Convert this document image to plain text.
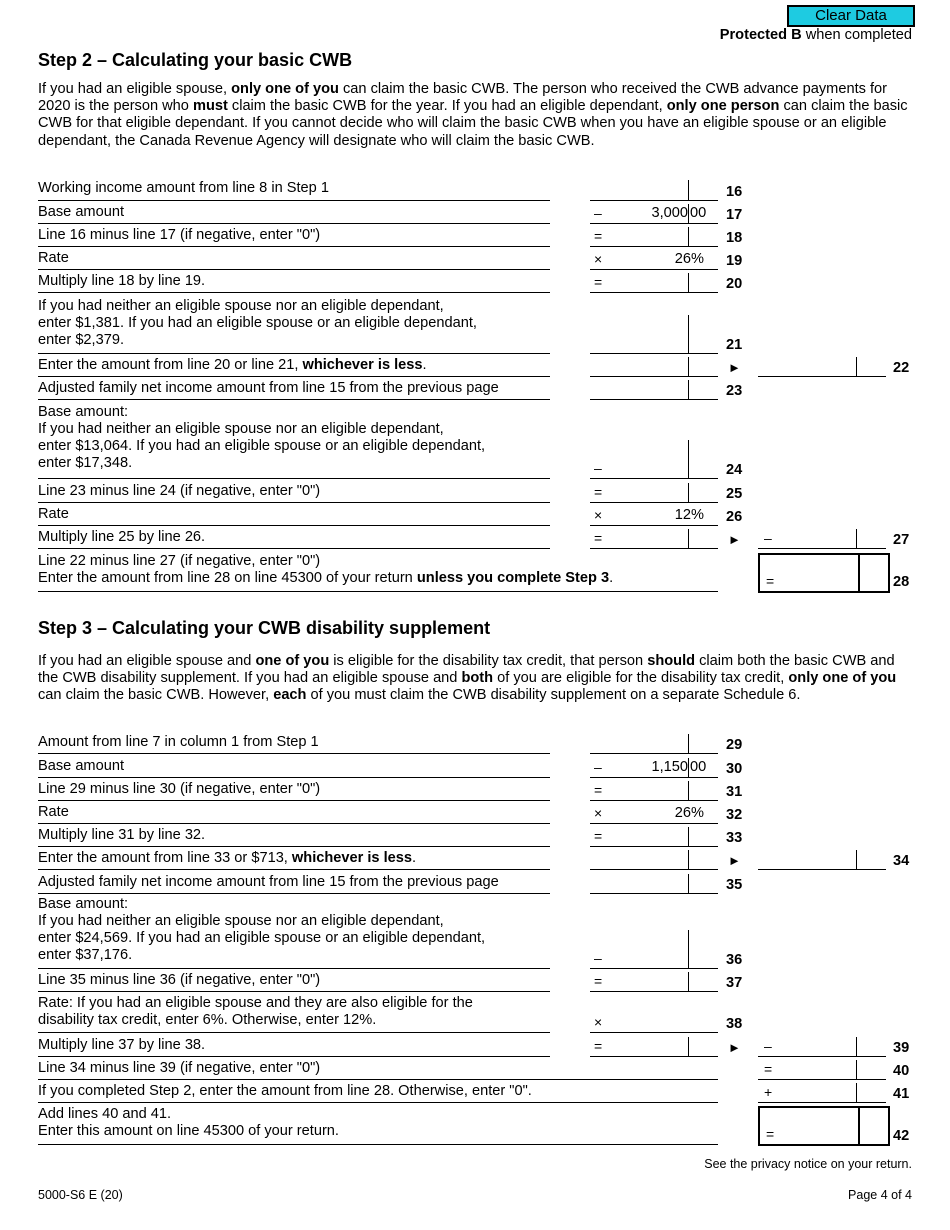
Clear Data
Protected B when completed
Step 2 – Calculating your basic CWB
If you had an eligible spouse, only one of you can claim the basic CWB. The person who received the CWB advance payments for 2020 is the person who must claim the basic CWB for the year. If you had an eligible dependant, only one person can claim the basic CWB for that eligible dependant. If you cannot decide who will claim the basic CWB when you have an eligible spouse or an eligible dependant, the Canada Revenue Agency will designate who will claim the basic CWB.
Working income amount from line 8 in Step 1	16
Base amount	–	3,000 00 17
Line 16 minus line 17 (if negative, enter "0")	=	18
Rate	×	26% 19
Multiply line 18 by line 19.	=	20
If you had neither an eligible spouse nor an eligible dependant,
enter $1,381. If you had an eligible spouse or an eligible dependant,
enter $2,379.	21
Enter the amount from line 20 or line 21, whichever is less.	►	22
Adjusted family net income amount from line 15 from the previous page	23
Base amount:
If you had neither an eligible spouse nor an eligible dependant,
enter $13,064. If you had an eligible spouse or an eligible dependant,
enter $17,348.	–	24
Line 23 minus line 24 (if negative, enter "0")	=	25
Rate	×	12% 26
Multiply line 25 by line 26.	=	► –	27
Line 22 minus line 27 (if negative, enter "0")
Enter the amount from line 28 on line 45300 of your return unless you complete Step 3.	=	28
Step 3 – Calculating your CWB disability supplement
If you had an eligible spouse and one of you is eligible for the disability tax credit, that person should claim both the basic CWB and the CWB disability supplement. If you had an eligible spouse and both of you are eligible for the disability tax credit, only one of you can claim the basic CWB. However, each of you must claim the CWB disability supplement on a separate Schedule 6.
Amount from line 7 in column 1 from Step 1	29
Base amount	–	1,150 00 30
Line 29 minus line 30 (if negative, enter "0")	=	31
Rate	×	26% 32
Multiply line 31 by line 32.	=	33
Enter the amount from line 33 or $713, whichever is less.	►	34
Adjusted family net income amount from line 15 from the previous page	35
Base amount:
If you had neither an eligible spouse nor an eligible dependant,
enter $24,569. If you had an eligible spouse or an eligible dependant,
enter $37,176.	–	36
Line 35 minus line 36 (if negative, enter "0")	=	37
Rate: If you had an eligible spouse and they are also eligible for the
disability tax credit, enter 6%. Otherwise, enter 12%.	×	38
Multiply line 37 by line 38.	=	► –	39
Line 34 minus line 39 (if negative, enter "0")	=	40
If you completed Step 2, enter the amount from line 28. Otherwise, enter "0".	+	41
Add lines 40 and 41.
Enter this amount on line 45300 of your return.	=	42
See the privacy notice on your return.
5000-S6 E (20)	Page 4 of 4
